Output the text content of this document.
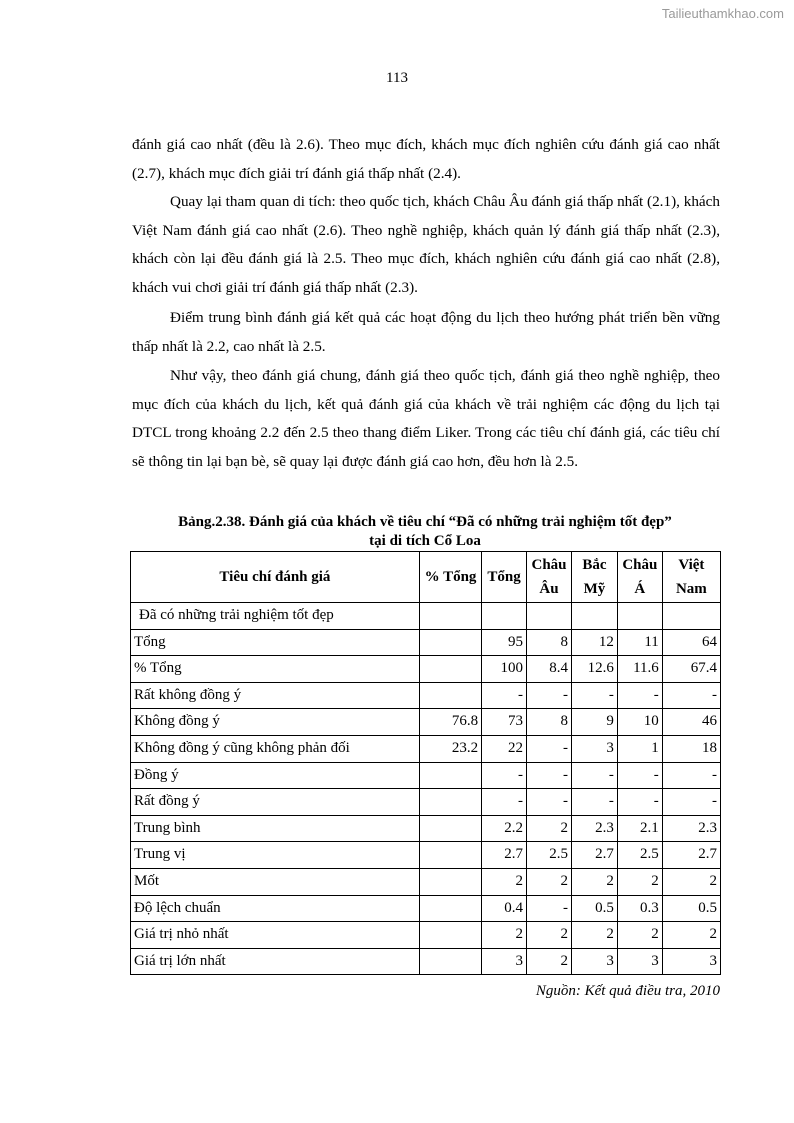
Tailieuthamkhao.com
113

đánh giá cao nhất (đều là 2.6). Theo mục đích, khách mục đích nghiên cứu đánh giá cao nhất (2.7), khách mục đích giải trí đánh giá thấp nhất (2.4).

Quay lại tham quan di tích: theo quốc tịch, khách Châu Âu đánh giá thấp nhất (2.1), khách Việt Nam đánh giá cao nhất (2.6). Theo nghề nghiệp, khách quản lý đánh giá thấp nhất (2.3), khách còn lại đều đánh giá là 2.5. Theo mục đích, khách nghiên cứu đánh giá cao nhất (2.8), khách vui chơi giải trí đánh giá thấp nhất (2.3).

Điểm trung bình đánh giá kết quả các hoạt động du lịch theo hướng phát triển bền vững thấp nhất là 2.2, cao nhất là 2.5.

Như vậy, theo đánh giá chung, đánh giá theo quốc tịch, đánh giá theo nghề nghiệp, theo mục đích của khách du lịch, kết quả đánh giá của khách về trải nghiệm các động du lịch tại DTCL trong khoảng 2.2 đến 2.5 theo thang điểm Liker. Trong các tiêu chí đánh giá, các tiêu chí sẽ thông tin lại bạn bè, sẽ quay lại được đánh giá cao hơn, đều hơn là 2.5.

Bảng.2.38. Đánh giá của khách về tiêu chí “Đã có những trải nghiệm tốt đẹp”
tại di tích Cổ Loa
Tiêu chí đánh giá	% Tổng	Tổng	Châu Âu	Bắc Mỹ	Châu Á	Việt Nam
Đã có những trải nghiệm tốt đẹp						
Tổng		95	8	12	11	64
% Tổng		100	8.4	12.6	11.6	67.4
Rất không đồng ý		-	-	-	-	-
Không đồng ý	76.8	73	8	9	10	46
Không đồng ý cũng không phản đối	23.2	22	-	3	1	18
Đồng ý		-	-	-	-	-
Rất đồng ý		-	-	-	-	-
Trung bình		2.2	2	2.3	2.1	2.3
Trung vị		2.7	2.5	2.7	2.5	2.7
Mốt		2	2	2	2	2
Độ lệch chuẩn		0.4	-	0.5	0.3	0.5
Giá trị nhỏ nhất		2	2	2	2	2
Giá trị lớn nhất		3	2	3	3	3
Nguồn: Kết quả điều tra, 2010
